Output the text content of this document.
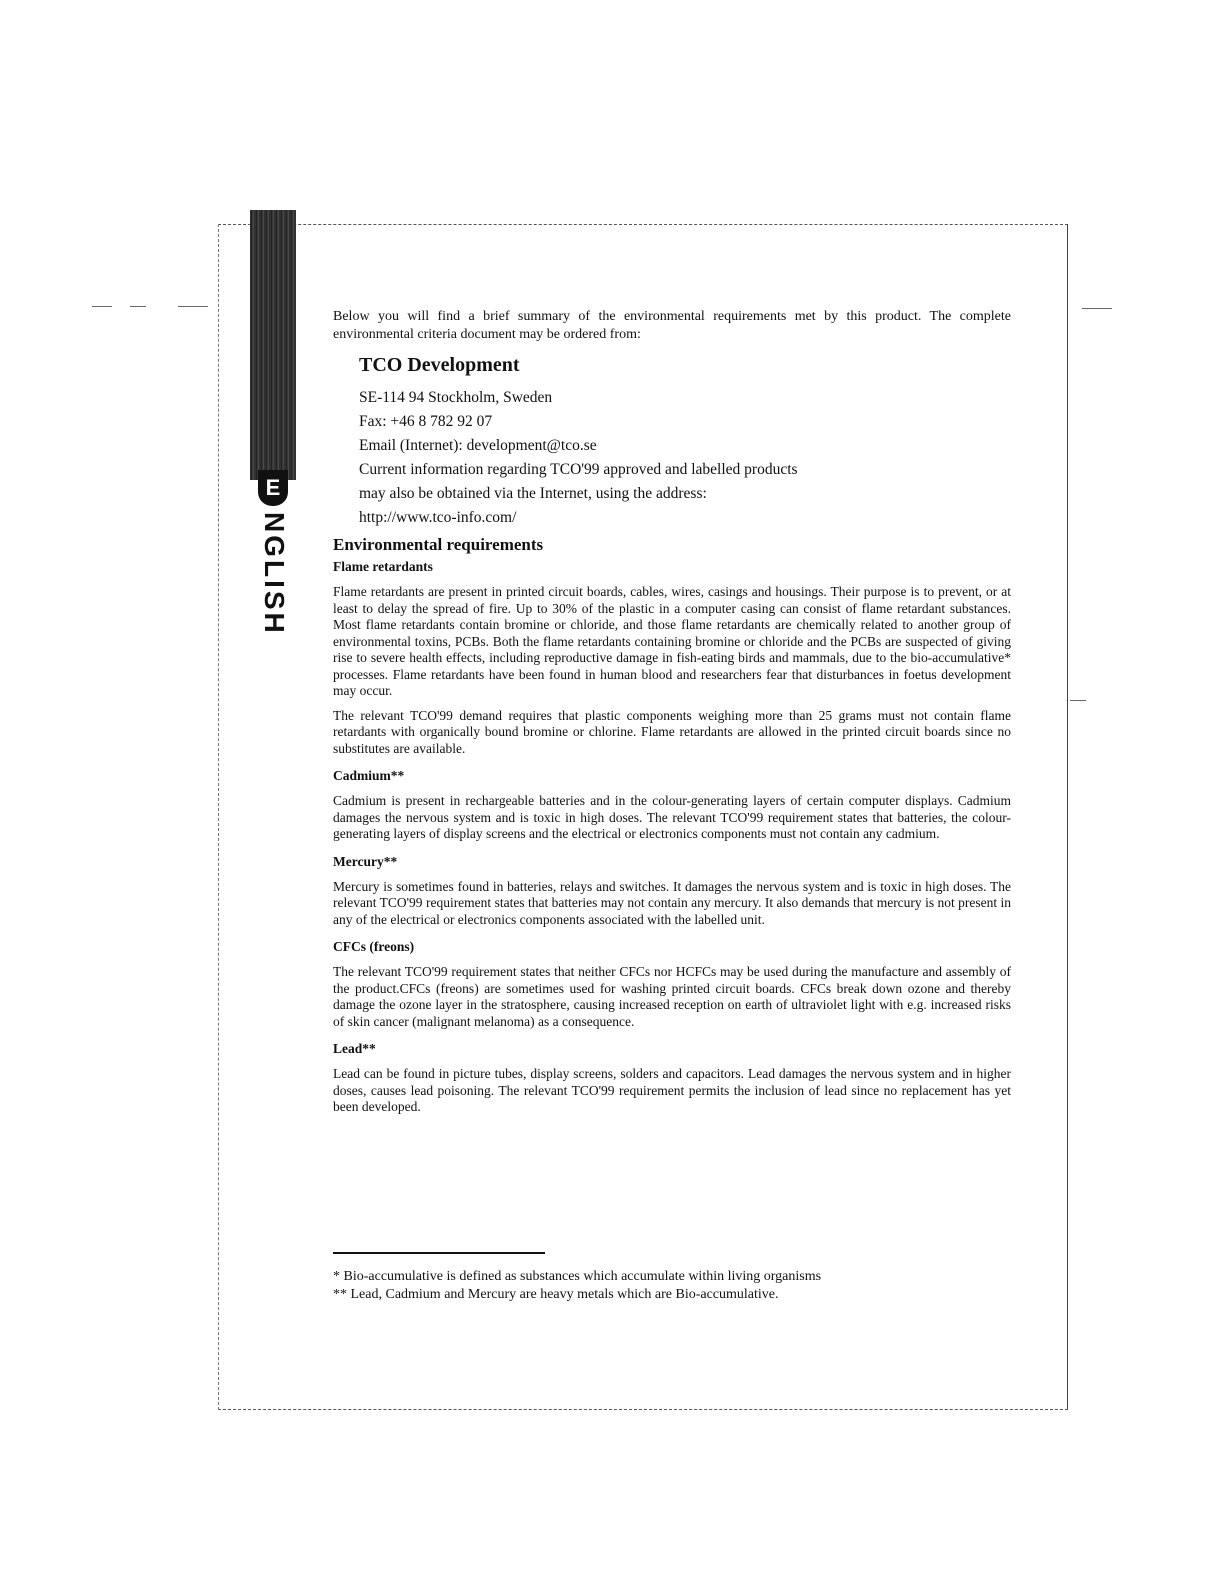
E
NGLISH

Below you will find a brief summary of the environmental requirements met by this product. The complete environmental criteria document may be ordered from:

TCO Development
SE-114 94 Stockholm, Sweden
Fax: +46 8 782 92 07
Email (Internet): development@tco.se
Current information regarding TCO'99 approved and labelled products
may also be obtained via the Internet, using the address:
http://www.tco-info.com/
Environmental requirements
Flame retardants

Flame retardants are present in printed circuit boards, cables, wires, casings and housings. Their purpose is to prevent, or at least to delay the spread of fire. Up to 30% of the plastic in a computer casing can consist of flame retardant substances. Most flame retardants contain bromine or chloride, and those flame retardants are chemically related to another group of environmental toxins, PCBs. Both the flame retardants containing bromine or chloride and the PCBs are suspected of giving rise to severe health effects, including reproductive damage in fish-eating birds and mammals, due to the bio-accumulative* processes. Flame retardants have been found in human blood and researchers fear that disturbances in foetus development may occur.

The relevant TCO'99 demand requires that plastic components weighing more than 25 grams must not contain flame retardants with organically bound bromine or chlorine. Flame retardants are allowed in the printed circuit boards since no substitutes are available.

Cadmium**

Cadmium is present in rechargeable batteries and in the colour-generating layers of certain computer displays. Cadmium damages the nervous system and is toxic in high doses. The relevant TCO'99 requirement states that batteries, the colour-generating layers of display screens and the electrical or electronics components must not contain any cadmium.

Mercury**

Mercury is sometimes found in batteries, relays and switches. It damages the nervous system and is toxic in high doses. The relevant TCO'99 requirement states that batteries may not contain any mercury. It also demands that mercury is not present in any of the electrical or electronics components associated with the labelled unit.

CFCs (freons)

The relevant TCO'99 requirement states that neither CFCs nor HCFCs may be used during the manufacture and assembly of the product.CFCs (freons) are sometimes used for washing printed circuit boards. CFCs break down ozone and thereby damage the ozone layer in the stratosphere, causing increased reception on earth of ultraviolet light with e.g. increased risks of skin cancer (malignant melanoma) as a consequence.

Lead**

Lead can be found in picture tubes, display screens, solders and capacitors. Lead damages the nervous system and in higher doses, causes lead poisoning. The relevant TCO'99 requirement permits the inclusion of lead since no replacement has yet been developed.

* Bio-accumulative is defined as substances which accumulate within living organisms
** Lead, Cadmium and Mercury are heavy metals which are Bio-accumulative.
